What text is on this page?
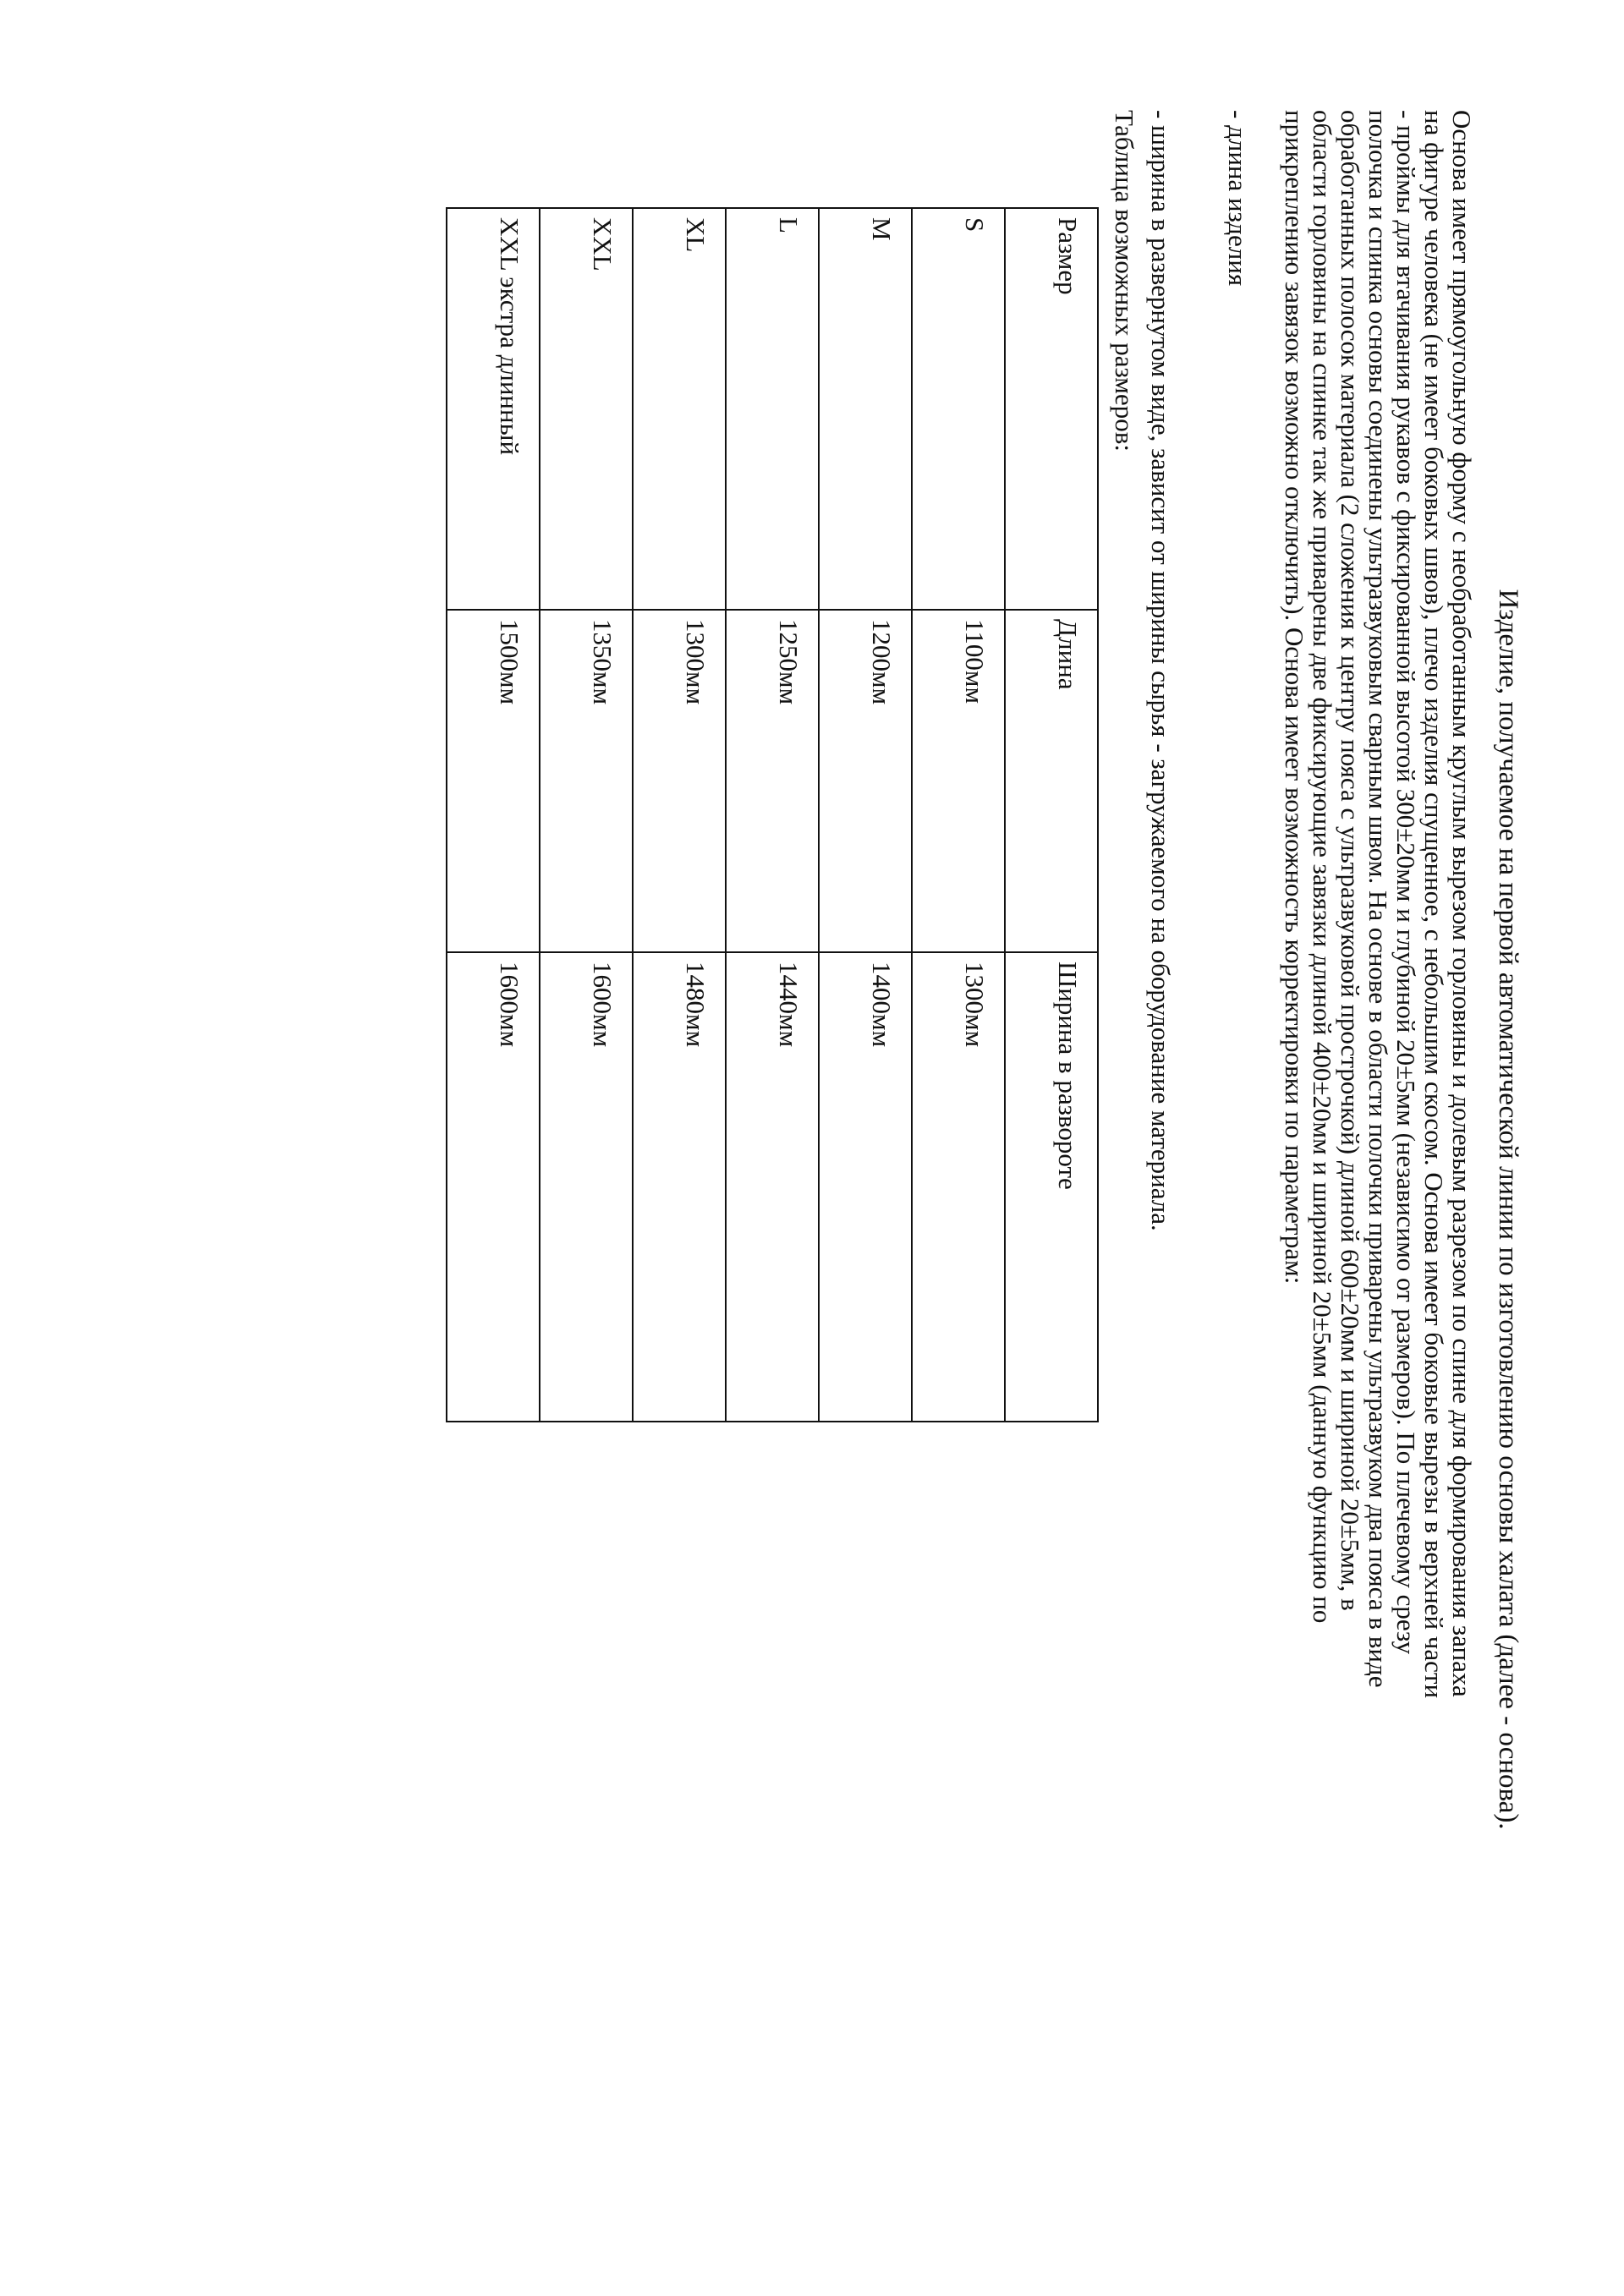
Изделие, получаемое на первой автоматической линии по изготовлению основы халата (далее - основа).
Основа имеет прямоугольную форму с необработанным круглым вырезом горловины и долевым разрезом по спине для формирования запаха
на фигуре человека (не имеет боковых швов), плечо изделия спущенное, с небольшим скосом. Основа имеет боковые вырезы в верхней части
- проймы для втачивания рукавов с фиксированной высотой 300±20мм и глубиной 20±5мм (независимо от размеров). По плечевому срезу
полочка и спинка основы соединены ультразвуковым сварным швом. На основе в области полочки приварены ультразвуком два пояса в виде
обработанных полосок материала (2 сложения к центру пояса с ультразвуковой прострочкой) длиной 600±20мм и шириной 20±5мм, в
области горловины на спинке так же приварены две фиксирующие завязки длиной 400±20мм и шириной 20±5мм (данную функцию по
прикреплению завязок возможно отключить). Основа имеет возможность корректировки по параметрам:
- длина изделия
- ширина в развернутом виде, зависит от ширины сырья - загружаемого на оборудование материала.
Таблица возможных размеров:
Размер	Длина	Ширина в развороте
S	1100мм	1300мм
M	1200мм	1400мм
L	1250мм	1440мм
XL	1300мм	1480мм
XXL	1350мм	1600мм
XXL экстра длинный	1500мм	1600мм
